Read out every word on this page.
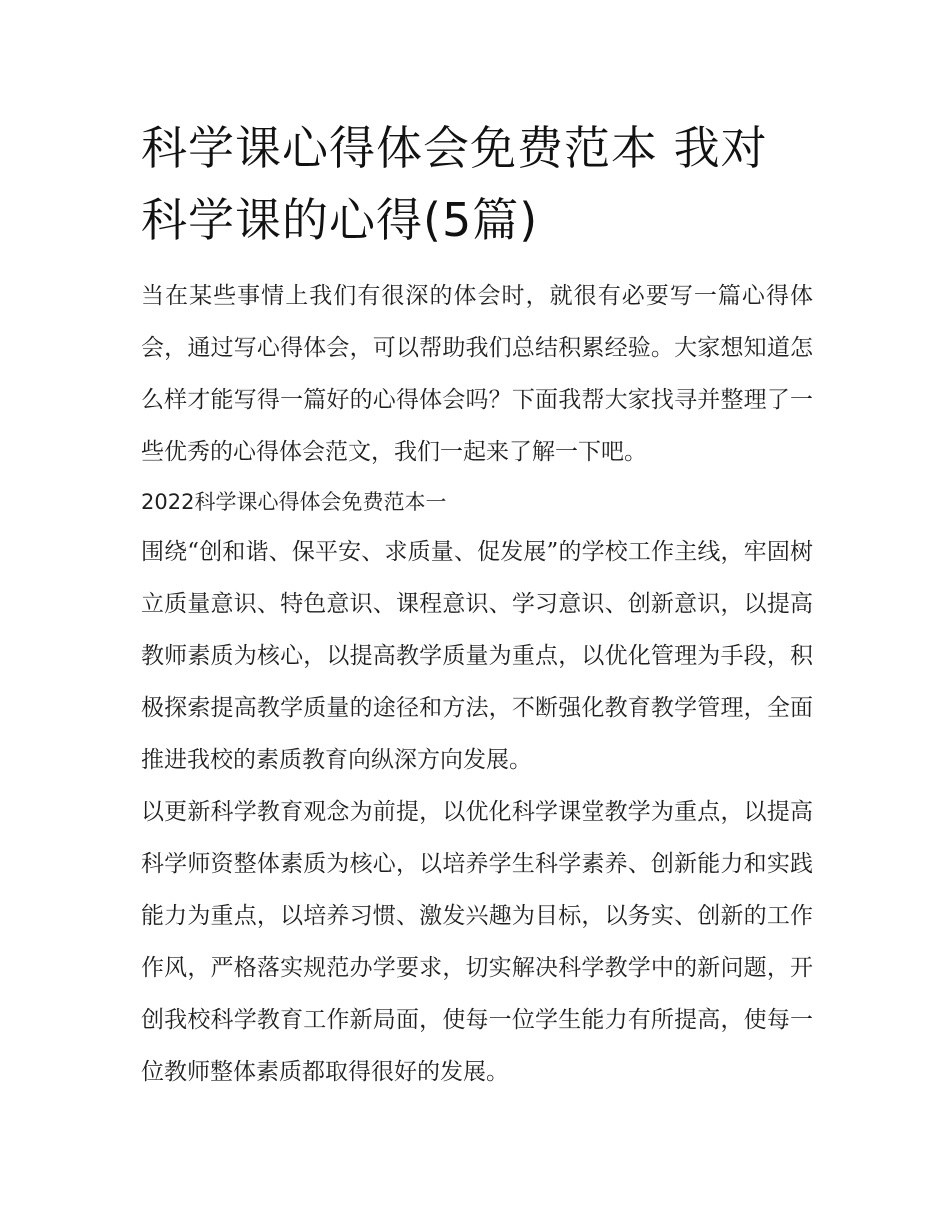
科学课心得体会免费范本 我对科学课的心得(5篇)

当在某些事情上我们有很深的体会时，就很有必要写一篇心得体会，通过写心得体会，可以帮助我们总结积累经验。大家想知道怎么样才能写得一篇好的心得体会吗？下面我帮大家找寻并整理了一些优秀的心得体会范文，我们一起来了解一下吧。

2022科学课心得体会免费范本一

围绕“创和谐、保平安、求质量、促发展”的学校工作主线，牢固树立质量意识、特色意识、课程意识、学习意识、创新意识，以提高教师素质为核心，以提高教学质量为重点，以优化管理为手段，积极探索提高教学质量的途径和方法，不断强化教育教学管理，全面推进我校的素质教育向纵深方向发展。

以更新科学教育观念为前提，以优化科学课堂教学为重点，以提高科学师资整体素质为核心，以培养学生科学素养、创新能力和实践能力为重点，以培养习惯、激发兴趣为目标，以务实、创新的工作作风，严格落实规范办学要求，切实解决科学教学中的新问题，开创我校科学教育工作新局面，使每一位学生能力有所提高，使每一位教师整体素质都取得很好的发展。
